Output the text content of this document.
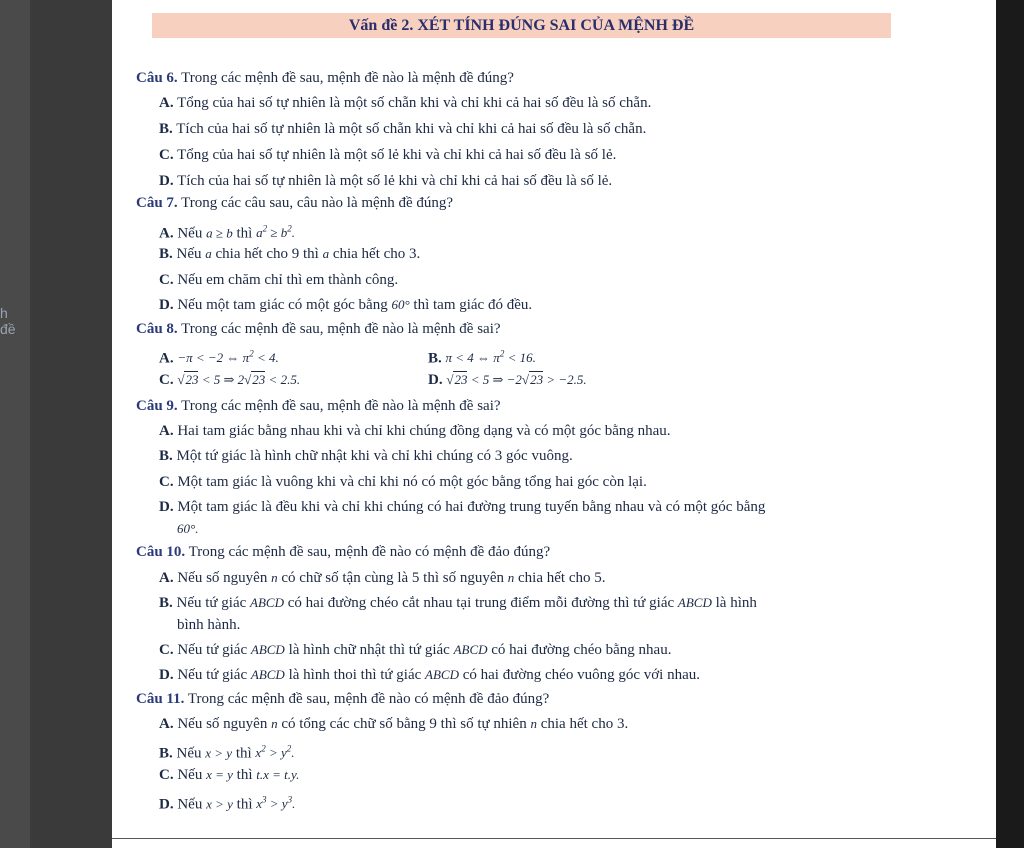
h đề
Vấn đề 2. XÉT TÍNH ĐÚNG SAI CỦA MỆNH ĐỀ
Câu 6. Trong các mệnh đề sau, mệnh đề nào là mệnh đề đúng?
A. Tổng của hai số tự nhiên là một số chẵn khi và chỉ khi cả hai số đều là số chẵn.
B. Tích của hai số tự nhiên là một số chẵn khi và chỉ khi cả hai số đều là số chẵn.
C. Tổng của hai số tự nhiên là một số lẻ khi và chỉ khi cả hai số đều là số lẻ.
D. Tích của hai số tự nhiên là một số lẻ khi và chỉ khi cả hai số đều là số lẻ.
Câu 7. Trong các câu sau, câu nào là mệnh đề đúng?
A. Nếu a ≥ b thì $a^2 \ge b^2$.
B. Nếu a chia hết cho 9 thì a chia hết cho 3.
C. Nếu em chăm chỉ thì em thành công.
D. Nếu một tam giác có một góc bằng 60° thì tam giác đó đều.
Câu 8. Trong các mệnh đề sau, mệnh đề nào là mệnh đề sai?
A. −π < −2 ⇔ $\pi^2 < 4$.	B. π < 4 ⇔ $\pi^2 < 16$.
C. √23 < 5 ⇒ 2√23 < 2.5.	D. √23 < 5 ⇒ −2√23 > −2.5.
Câu 9. Trong các mệnh đề sau, mệnh đề nào là mệnh đề sai?
A. Hai tam giác bằng nhau khi và chỉ khi chúng đồng dạng và có một góc bằng nhau.
B. Một tứ giác là hình chữ nhật khi và chỉ khi chúng có 3 góc vuông.
C. Một tam giác là vuông khi và chỉ khi nó có một góc bằng tổng hai góc còn lại.
D. Một tam giác là đều khi và chỉ khi chúng có hai đường trung tuyến bằng nhau và có một góc bằng
60°.
Câu 10. Trong các mệnh đề sau, mệnh đề nào có mệnh đề đảo đúng?
A. Nếu số nguyên n có chữ số tận cùng là 5 thì số nguyên n chia hết cho 5.
B. Nếu tứ giác ABCD có hai đường chéo cắt nhau tại trung điểm mỗi đường thì tứ giác ABCD là hình
bình hành.
C. Nếu tứ giác ABCD là hình chữ nhật thì tứ giác ABCD có hai đường chéo bằng nhau.
D. Nếu tứ giác ABCD là hình thoi thì tứ giác ABCD có hai đường chéo vuông góc với nhau.
Câu 11. Trong các mệnh đề sau, mệnh đề nào có mệnh đề đảo đúng?
A. Nếu số nguyên n có tổng các chữ số bằng 9 thì số tự nhiên n chia hết cho 3.
B. Nếu x > y thì $x^2 > y^2$.
C. Nếu x = y thì t.x = t.y.
D. Nếu x > y thì $x^3 > y^3$.
